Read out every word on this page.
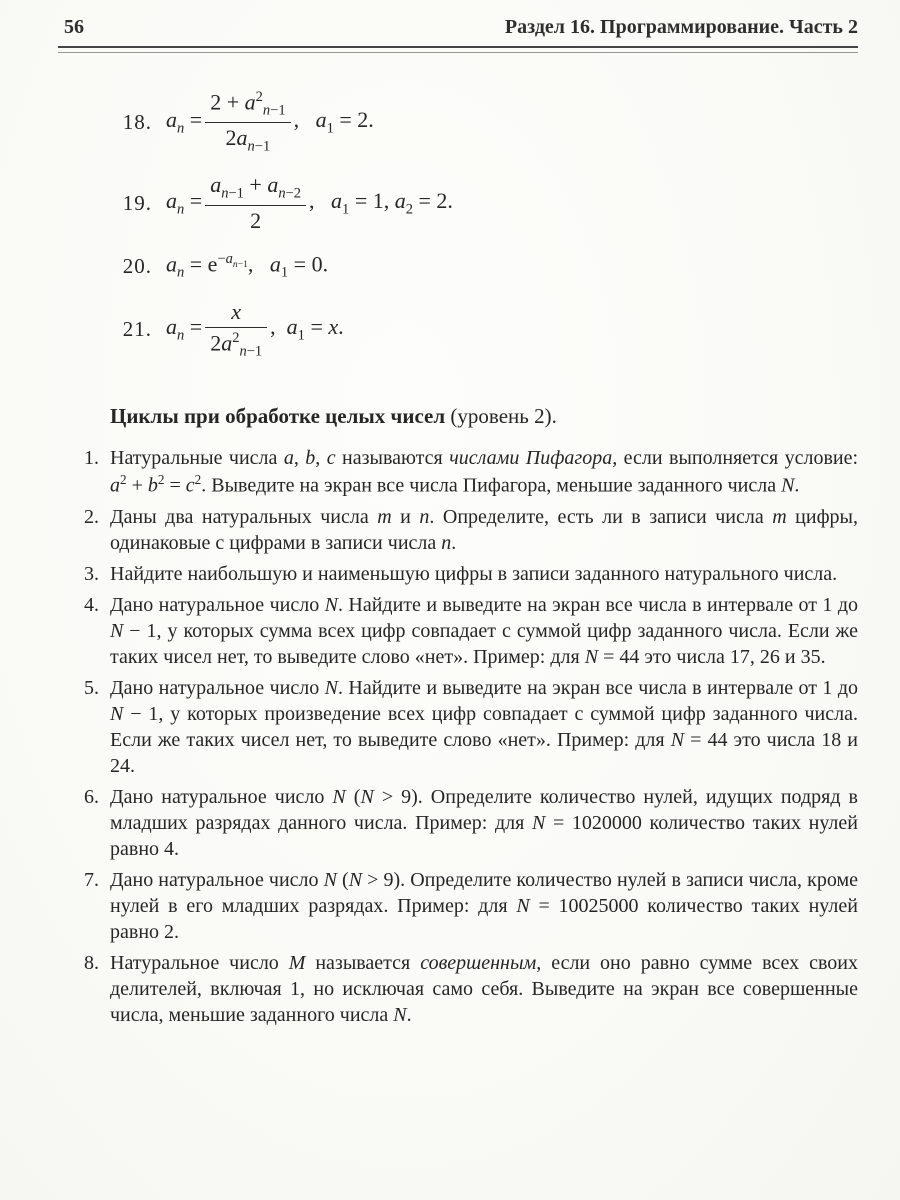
56	Раздел 16. Программирование. Часть 2
18. $a_n = \frac{2 + a^2_{n-1}}{2a_{n-1}}$ ,   $a_1 = 2$.
19. $a_n = \frac{a_{n-1} + a_{n-2}}{2}$ ,   $a_1 = 1$, $a_2 = 2$.
20. $a_n = e^{-a_{n-1}}$,   $a_1 = 0$.
21. $a_n = \frac{x}{2a^2_{n-1}}$ ,  $a_1 = x$.
Циклы при обработке целых чисел (уровень 2).
1. Натуральные числа a, b, c называются числами Пифагора, если выполняется условие: $a^2 + b^2 = c^2$. Выведите на экран все числа Пифагора, меньшие заданного числа N.
2. Даны два натуральных числа m и n. Определите, есть ли в записи числа m цифры, одинаковые с цифрами в записи числа n.
3. Найдите наибольшую и наименьшую цифры в записи заданного натурального числа.
4. Дано натуральное число N. Найдите и выведите на экран все числа в интервале от 1 до N − 1, у которых сумма всех цифр совпадает с суммой цифр заданного числа. Если же таких чисел нет, то выведите слово «нет». Пример: для N = 44 это числа 17, 26 и 35.
5. Дано натуральное число N. Найдите и выведите на экран все числа в интервале от 1 до N − 1, у которых произведение всех цифр совпадает с суммой цифр заданного числа. Если же таких чисел нет, то выведите слово «нет». Пример: для N = 44 это числа 18 и 24.
6. Дано натуральное число N (N > 9). Определите количество нулей, идущих подряд в младших разрядах данного числа. Пример: для N = 1020000 количество таких нулей равно 4.
7. Дано натуральное число N (N > 9). Определите количество нулей в записи числа, кроме нулей в его младших разрядах. Пример: для N = 10025000 количество таких нулей равно 2.
8. Натуральное число M называется совершенным, если оно равно сумме всех своих делителей, включая 1, но исключая само себя. Выведите на экран все совершенные числа, меньшие заданного числа N.
